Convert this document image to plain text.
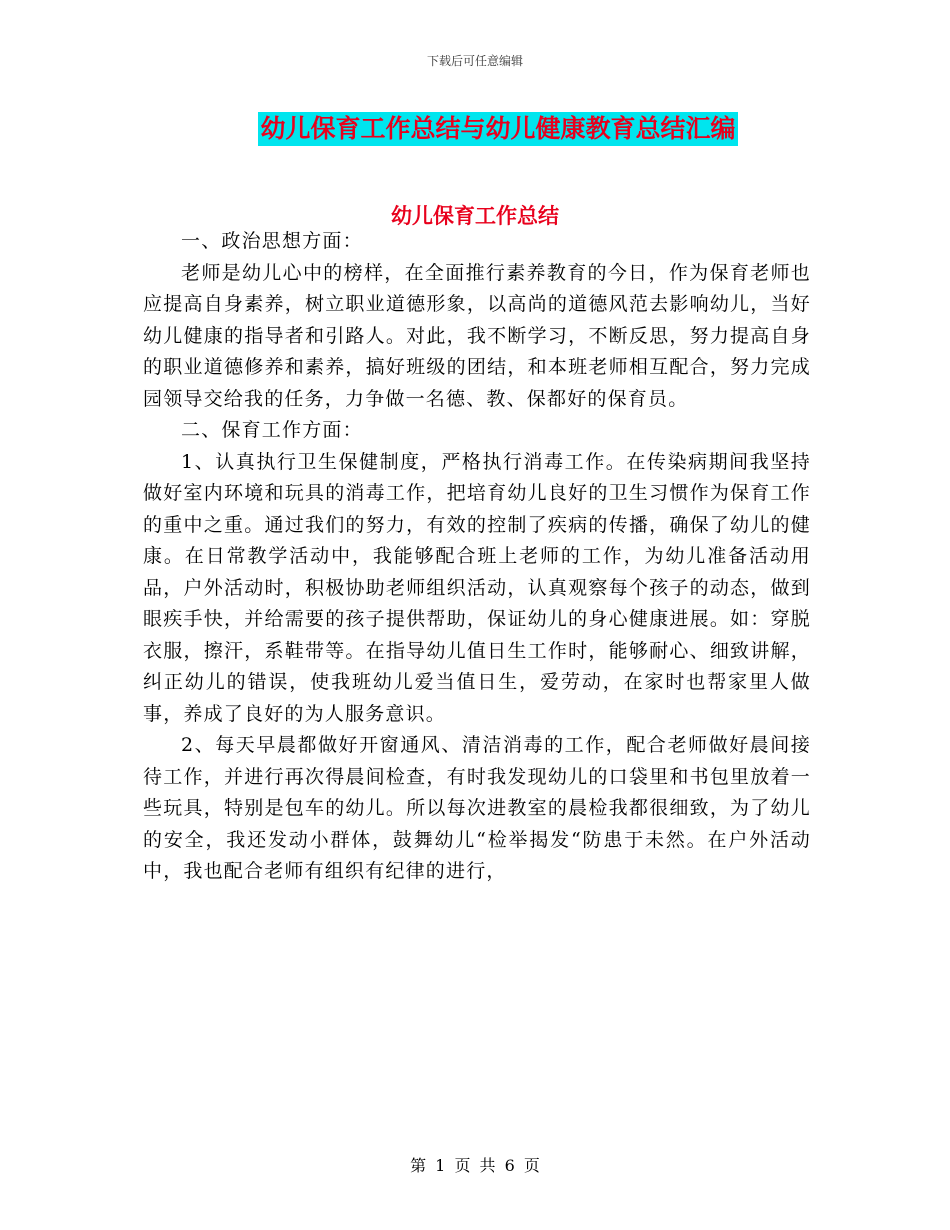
下载后可任意编辑
幼儿保育工作总结与幼儿健康教育总结汇编
幼儿保育工作总结

一、政治思想方面：

老师是幼儿心中的榜样，在全面推行素养教育的今日，作为保育老师也应提高自身素养，树立职业道德形象，以高尚的道德风范去影响幼儿，当好幼儿健康的指导者和引路人。对此，我不断学习，不断反思，努力提高自身的职业道德修养和素养，搞好班级的团结，和本班老师相互配合，努力完成园领导交给我的任务，力争做一名德、教、保都好的保育员。

二、保育工作方面：

1、认真执行卫生保健制度，严格执行消毒工作。在传染病期间我坚持做好室内环境和玩具的消毒工作，把培育幼儿良好的卫生习惯作为保育工作的重中之重。通过我们的努力，有效的控制了疾病的传播，确保了幼儿的健康。在日常教学活动中，我能够配合班上老师的工作，为幼儿准备活动用品，户外活动时，积极协助老师组织活动，认真观察每个孩子的动态，做到眼疾手快，并给需要的孩子提供帮助，保证幼儿的身心健康进展。如：穿脱衣服，擦汗，系鞋带等。在指导幼儿值日生工作时，能够耐心、细致讲解，纠正幼儿的错误，使我班幼儿爱当值日生，爱劳动，在家时也帮家里人做事，养成了良好的为人服务意识。

2、每天早晨都做好开窗通风、清洁消毒的工作，配合老师做好晨间接待工作，并进行再次得晨间检查，有时我发现幼儿的口袋里和书包里放着一些玩具，特别是包车的幼儿。所以每次进教室的晨检我都很细致，为了幼儿的安全，我还发动小群体，鼓舞幼儿“检举揭发“防患于未然。在户外活动中，我也配合老师有组织有纪律的进行，

第 1 页 共 6 页
